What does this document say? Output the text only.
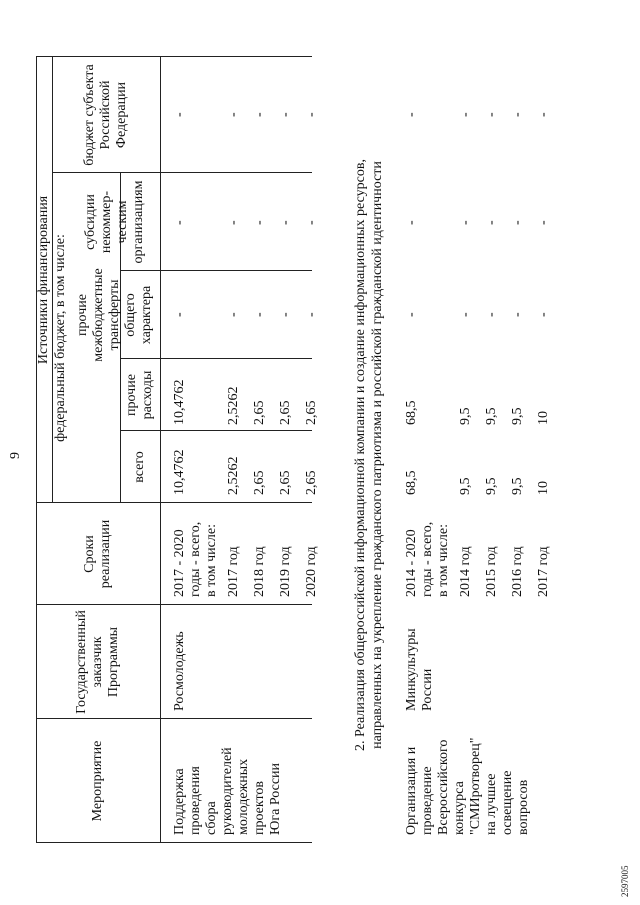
9
Мероприятие
Государственный заказчик Программы
Сроки реализации
Источники финансирования федеральный бюджет, в том числе:
всего
прочие расходы
прочие межбюджетные трансферты общего характера
субсидии некоммер-ческим организациям
бюджет субъекта Российской Федерации
Поддержка проведения сбора руководителей молодежных проектов Юга России
Росмолодежь
2017 - 2020 годы - всего, в том числе:
10,4762
10,4762
-
-
-
2017 год
2,5262
2,5262
-
-
-
2018 год
2,65
2,65
-
-
-
2019 год
2,65
2,65
-
-
-
2020 год
2,65
2,65
-
-
-
Организация и проведение Всероссийского конкурса "СМИротворец" на лучшее освещение вопросов
Минкультуры России
2014 - 2020 годы - всего, в том числе:
68,5
68,5
-
-
-
2014 год
9,5
9,5
-
-
-
2015 год
9,5
9,5
-
-
-
2016 год
9,5
9,5
-
-
-
2017 год
10
10
-
-
-
2. Реализация общероссийской информационной компании и создание информационных ресурсов, направленных на укрепление гражданского патриотизма и российской гражданской идентичности
2597005
